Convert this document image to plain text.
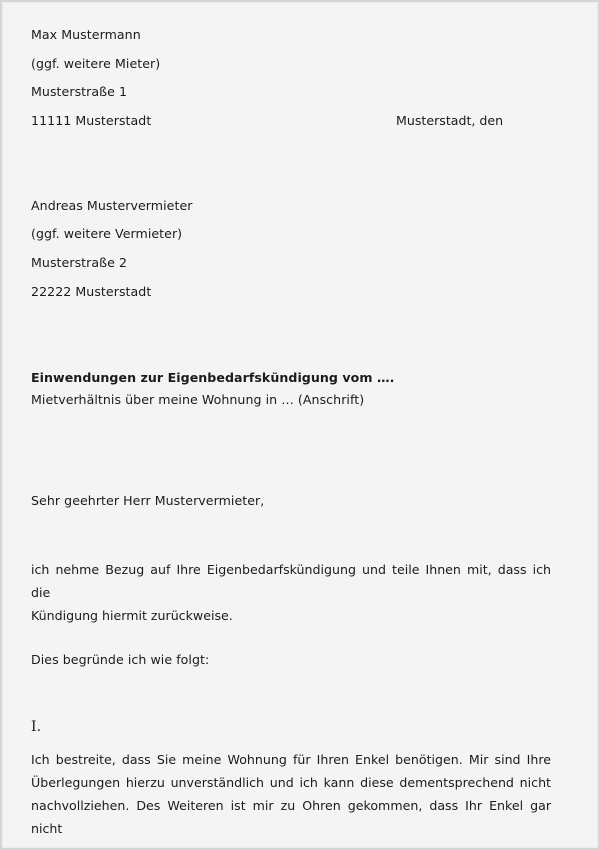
Max Mustermann
(ggf. weitere Mieter)
Musterstraße 1
11111 Musterstadt	Musterstadt, den
Andreas Mustervermieter
(ggf. weitere Vermieter)
Musterstraße 2
22222 Musterstadt
Einwendungen zur Eigenbedarfskündigung vom ….
Mietverhältnis über meine Wohnung in … (Anschrift)
Sehr geehrter Herr Mustervermieter,
ich nehme Bezug auf Ihre Eigenbedarfskündigung und teile Ihnen mit, dass ich die
Kündigung hiermit zurückweise.
Dies begründe ich wie folgt:
I.
Ich bestreite, dass Sie meine Wohnung für Ihren Enkel benötigen. Mir sind Ihre
Überlegungen hierzu unverständlich und ich kann diese dementsprechend nicht
nachvollziehen. Des Weiteren ist mir zu Ohren gekommen, dass Ihr Enkel gar nicht
